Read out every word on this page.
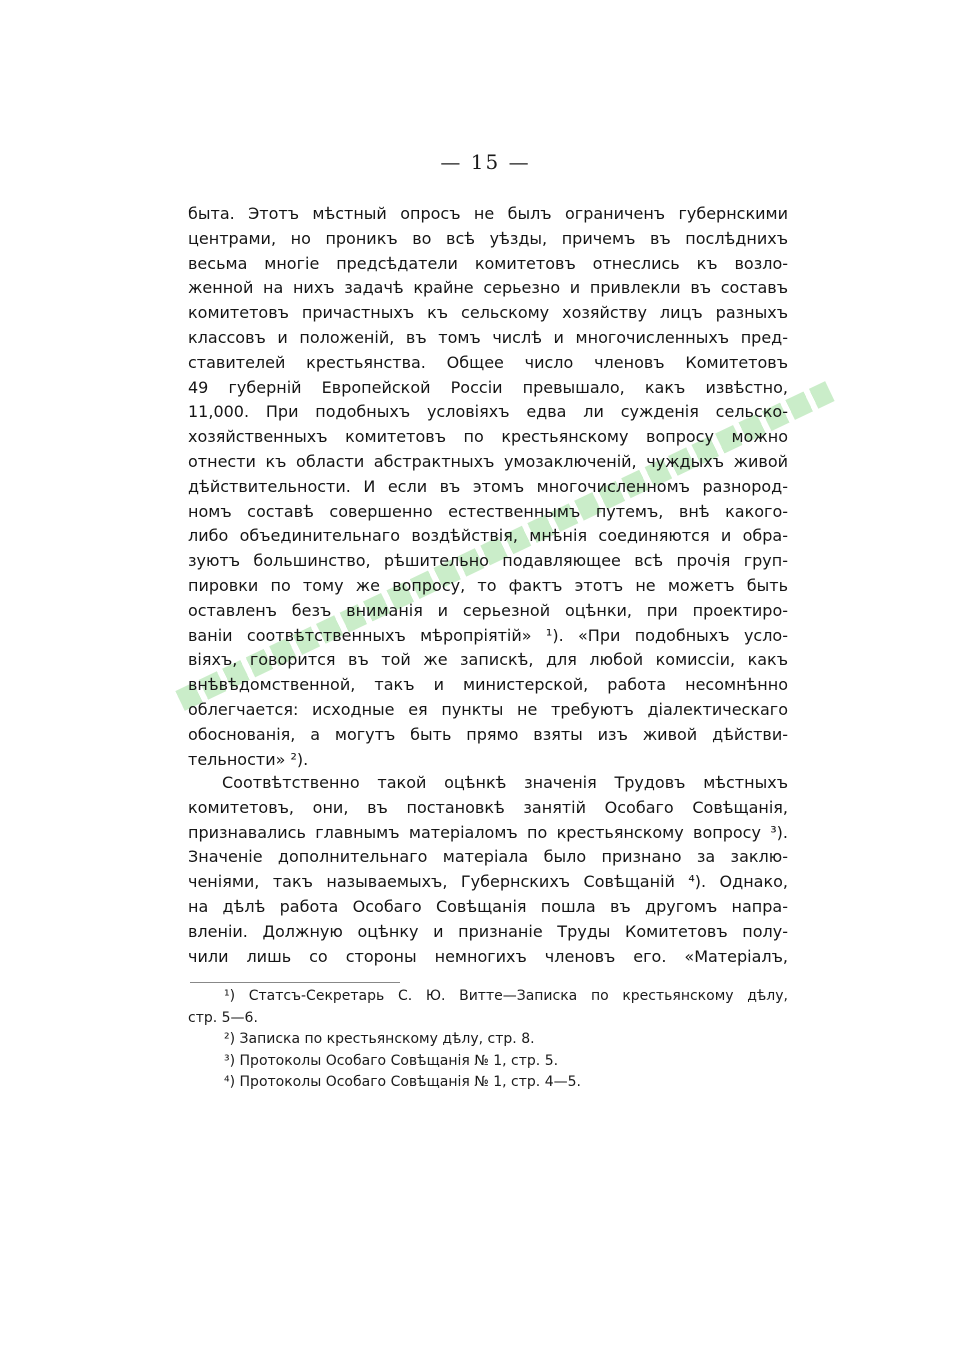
— 15 —
быта. Этотъ мѣстный опросъ не былъ ограниченъ губернскими
центрами, но проникъ во всѣ уѣзды, причемъ въ послѣднихъ
весьма многіе предсѣдатели комитетовъ отнеслись къ возло-
женной на нихъ задачѣ крайне серьезно и привлекли въ составъ
комитетовъ причастныхъ къ сельскому хозяйству лицъ разныхъ
классовъ и положеній, въ томъ числѣ и многочисленныхъ пред-
ставителей крестьянства. Общее число членовъ Комитетовъ
49 губерній Европейской Россіи превышало, какъ извѣстно,
11,000. При подобныхъ условіяхъ едва ли сужденія сельско-
хозяйственныхъ комитетовъ по крестьянскому вопросу можно
отнести къ области абстрактныхъ умозаключеній, чуждыхъ живой
дѣйствительности. И если въ этомъ многочисленномъ разнород-
номъ составѣ совершенно естественнымъ путемъ, внѣ какого-
либо объединительнаго воздѣйствія, мнѣнія соединяются и обра-
зуютъ большинство, рѣшительно подавляющее всѣ прочія груп-
пировки по тому же вопросу, то фактъ этотъ не можетъ быть
оставленъ безъ вниманія и серьезной оцѣнки, при проектиро-
ваніи соотвѣтственныхъ мѣропріятій» ¹). «При подобныхъ усло-
віяхъ, говорится въ той же запискѣ, для любой комиссіи, какъ
внѣвѣдомственной, такъ и министерской, работа несомнѣнно
облегчается: исходные ея пункты не требуютъ діалектическаго
обоснованія, а могутъ быть прямо взяты изъ живой дѣйстви-
тельности» ²).
Соотвѣтственно такой оцѣнкѣ значенія Трудовъ мѣстныхъ
комитетовъ, они, въ постановкѣ занятій Особаго Совѣщанія,
признавались главнымъ матеріаломъ по крестьянскому вопросу ³).
Значеніе дополнительнаго матеріала было признано за заклю-
ченіями, такъ называемыхъ, Губернскихъ Совѣщаній ⁴). Однако,
на дѣлѣ работа Особаго Совѣщанія пошла въ другомъ напра-
вленіи. Должную оцѣнку и признаніе Труды Комитетовъ полу-
чили лишь со стороны немногихъ членовъ его. «Матеріалъ,
¹) Статсъ-Секретарь С. Ю. Витте—Записка по крестьянскому дѣлу,
стр. 5—6.
²) Записка по крестьянскому дѣлу, стр. 8.
³) Протоколы Особаго Совѣщанія № 1, стр. 5.
⁴) Протоколы Особаго Совѣщанія № 1, стр. 4—5.
